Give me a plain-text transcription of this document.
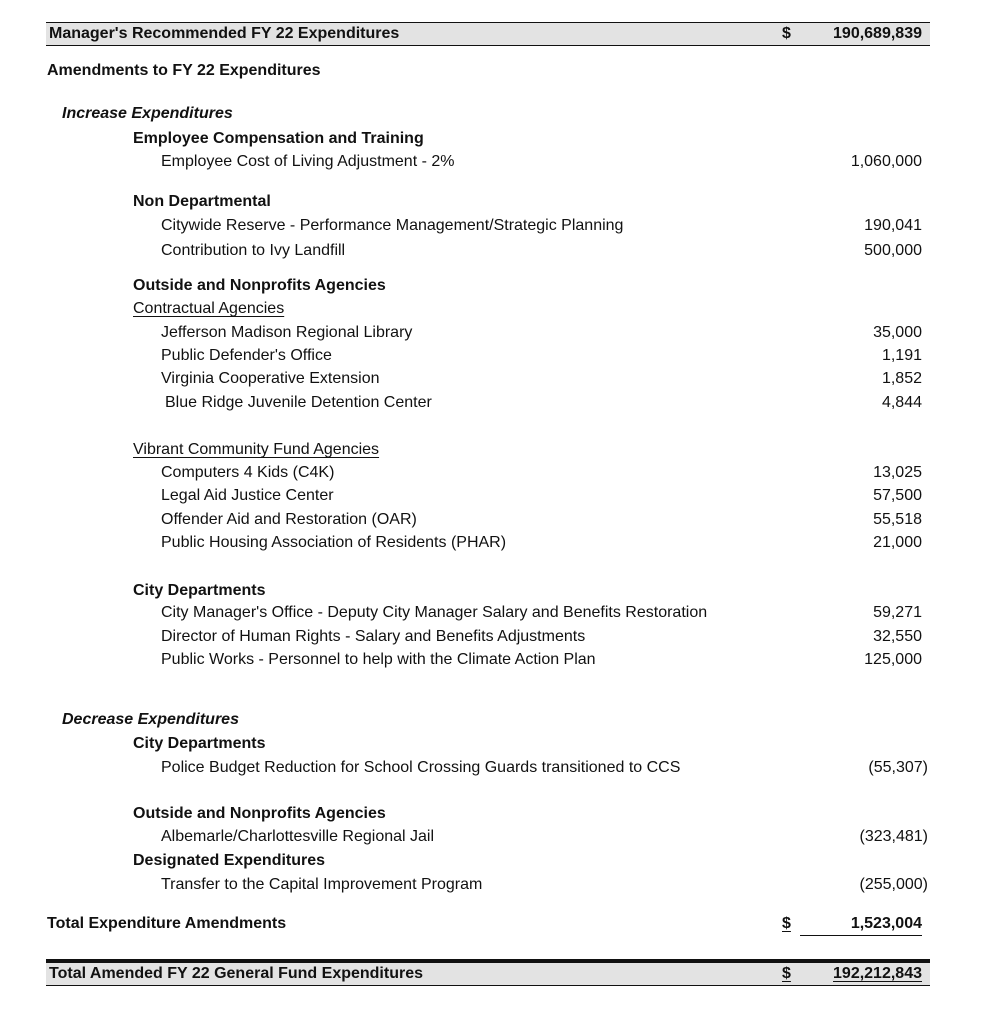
Manager's Recommended FY 22 Expenditures	$	190,689,839
Amendments to FY 22 Expenditures
Increase Expenditures
Employee Compensation and Training
Employee Cost of Living Adjustment - 2%	1,060,000
Non Departmental
Citywide Reserve - Performance Management/Strategic Planning	190,041
Contribution to Ivy Landfill	500,000
Outside and Nonprofits Agencies
Contractual Agencies
Jefferson Madison Regional Library	35,000
Public Defender's Office	1,191
Virginia Cooperative Extension	1,852
Blue Ridge Juvenile Detention Center	4,844
Vibrant Community Fund Agencies
Computers 4 Kids (C4K)	13,025
Legal Aid Justice Center	57,500
Offender Aid and Restoration (OAR)	55,518
Public Housing Association of Residents (PHAR)	21,000
City Departments
City Manager's Office - Deputy City Manager Salary and Benefits Restoration	59,271
Director of Human Rights - Salary and Benefits Adjustments	32,550
Public Works - Personnel to help with the Climate Action Plan	125,000
Decrease Expenditures
City Departments
Police Budget Reduction for School Crossing Guards transitioned to CCS	(55,307)
Outside and Nonprofits Agencies
Albemarle/Charlottesville Regional Jail	(323,481)
Designated Expenditures
Transfer to the Capital Improvement Program	(255,000)
Total Expenditure Amendments	$	1,523,004
Total Amended FY 22 General Fund Expenditures	$	192,212,843
